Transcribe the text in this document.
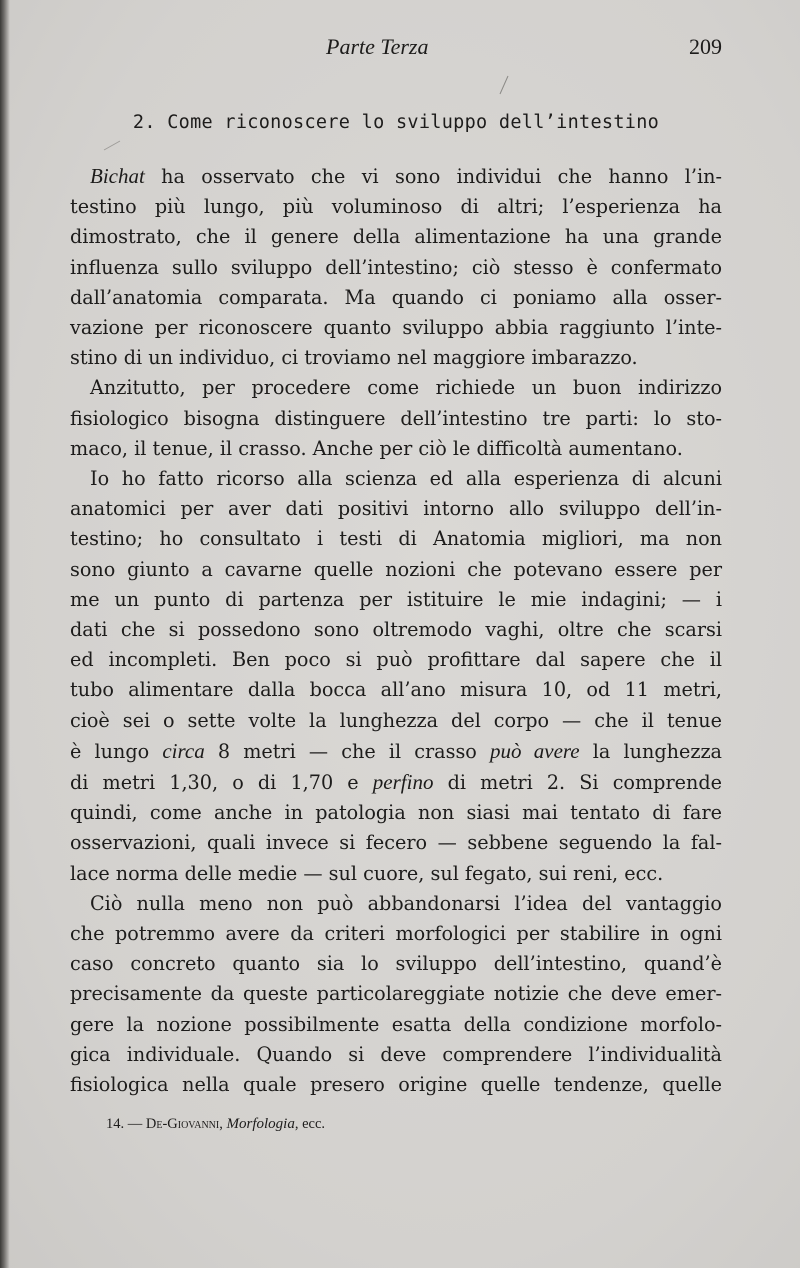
Parte Terza	209
2. Come riconoscere lo sviluppo dell’intestino
Bichat ha osservato che vi sono individui che hanno l’in-
testino più lungo, più voluminoso di altri; l’esperienza ha
dimostrato, che il genere della alimentazione ha una grande
influenza sullo sviluppo dell’intestino; ciò stesso è confermato
dall’anatomia comparata. Ma quando ci poniamo alla osser-
vazione per riconoscere quanto sviluppo abbia raggiunto l’inte-
stino di un individuo, ci troviamo nel maggiore imbarazzo.
Anzitutto, per procedere come richiede un buon indirizzo
fisiologico bisogna distinguere dell’intestino tre parti: lo sto-
maco, il tenue, il crasso. Anche per ciò le difficoltà aumentano.
Io ho fatto ricorso alla scienza ed alla esperienza di alcuni
anatomici per aver dati positivi intorno allo sviluppo dell’in-
testino; ho consultato i testi di Anatomia migliori, ma non
sono giunto a cavarne quelle nozioni che potevano essere per
me un punto di partenza per istituire le mie indagini; — i
dati che si possedono sono oltremodo vaghi, oltre che scarsi
ed incompleti. Ben poco si può profittare dal sapere che il
tubo alimentare dalla bocca all’ano misura 10, od 11 metri,
cioè sei o sette volte la lunghezza del corpo — che il tenue
è lungo circa 8 metri — che il crasso può avere la lunghezza
di metri 1,30, o di 1,70 e perfino di metri 2. Si comprende
quindi, come anche in patologia non siasi mai tentato di fare
osservazioni, quali invece si fecero — sebbene seguendo la fal-
lace norma delle medie — sul cuore, sul fegato, sui reni, ecc.
Ciò nulla meno non può abbandonarsi l’idea del vantaggio
che potremmo avere da criteri morfologici per stabilire in ogni
caso concreto quanto sia lo sviluppo dell’intestino, quand’è
precisamente da queste particolareggiate notizie che deve emer-
gere la nozione possibilmente esatta della condizione morfolo-
gica individuale. Quando si deve comprendere l’individualità
fisiologica nella quale presero origine quelle tendenze, quelle
14. — De-Giovanni, Morfologia, ecc.
